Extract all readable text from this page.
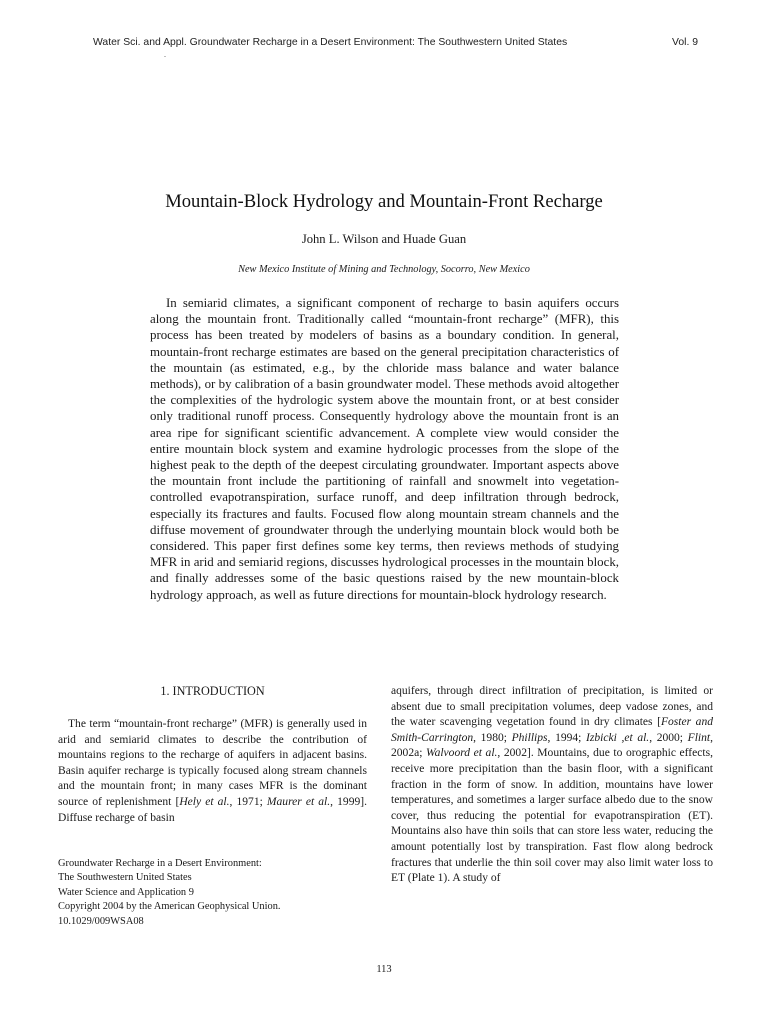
Water Sci. and Appl. Groundwater Recharge in a Desert Environment: The Southwestern United States	Vol. 9
.
Mountain-Block Hydrology and Mountain-Front Recharge
John L. Wilson and Huade Guan
New Mexico Institute of Mining and Technology, Socorro, New Mexico

In semiarid climates, a significant component of recharge to basin aquifers occurs along the mountain front. Traditionally called “mountain-front recharge” (MFR), this process has been treated by modelers of basins as a boundary condition. In general, mountain-front recharge estimates are based on the general precipitation characteristics of the mountain (as estimated, e.g., by the chloride mass balance and water balance methods), or by calibration of a basin groundwater model. These methods avoid altogether the complexities of the hydrologic system above the mountain front, or at best consider only traditional runoff process. Consequently hydrology above the mountain front is an area ripe for significant scientific advancement. A complete view would consider the entire mountain block system and examine hydrologic processes from the slope of the highest peak to the depth of the deepest circulating groundwater. Important aspects above the mountain front include the partitioning of rainfall and snowmelt into vegetation-controlled evapotranspiration, surface runoff, and deep infiltration through bedrock, especially its fractures and faults. Focused flow along mountain stream channels and the diffuse movement of groundwater through the underlying mountain block would both be considered. This paper first defines some key terms, then reviews methods of studying MFR in arid and semiarid regions, discusses hydrological processes in the mountain block, and finally addresses some of the basic questions raised by the new mountain-block hydrology approach, as well as future directions for mountain-block hydrology research.

1. INTRODUCTION

The term “mountain-front recharge” (MFR) is generally used in arid and semiarid climates to describe the contribution of mountains regions to the recharge of aquifers in adjacent basins. Basin aquifer recharge is typically focused along stream channels and the mountain front; in many cases MFR is the dominant source of replenishment [Hely et al., 1971; Maurer et al., 1999]. Diffuse recharge of basin

aquifers, through direct infiltration of precipitation, is limited or absent due to small precipitation volumes, deep vadose zones, and the water scavenging vegetation found in dry climates [Foster and Smith-Carrington, 1980; Phillips, 1994; Izbicki ,et al., 2000; Flint, 2002a; Walvoord et al., 2002]. Mountains, due to orographic effects, receive more precipitation than the basin floor, with a significant fraction in the form of snow. In addition, mountains have lower temperatures, and sometimes a larger surface albedo due to the snow cover, thus reducing the potential for evapotranspiration (ET). Mountains also have thin soils that can store less water, reducing the amount potentially lost by transpiration. Fast flow along bedrock fractures that underlie the thin soil cover may also limit water loss to ET (Plate 1). A study of

Groundwater Recharge in a Desert Environment:
The Southwestern United States
Water Science and Application 9
Copyright 2004 by the American Geophysical Union.
10.1029/009WSA08
113
